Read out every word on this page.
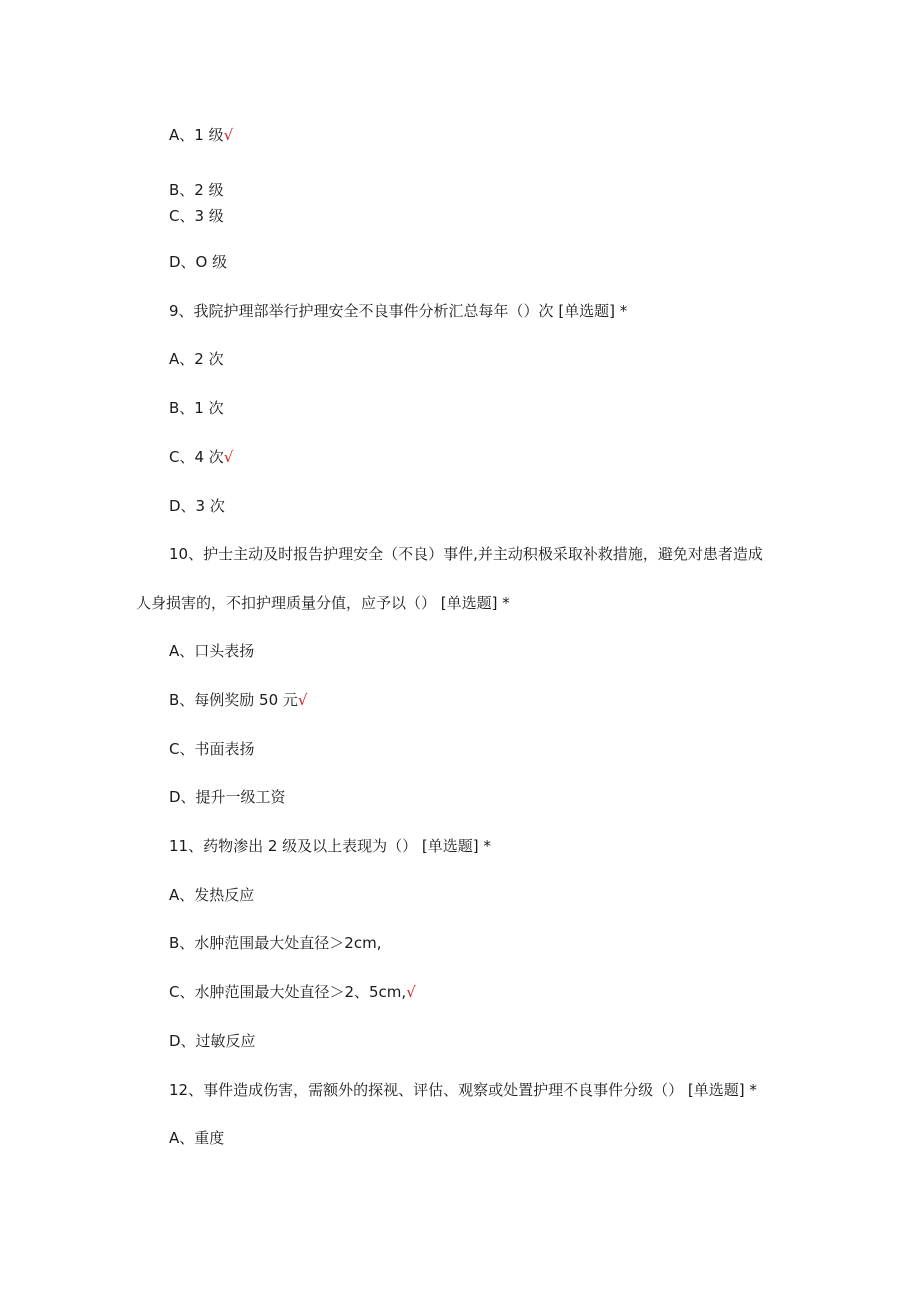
A、1 级√
B、2 级
C、3 级
D、O 级
9、我院护理部举行护理安全不良事件分析汇总每年（）次 [单选题] *
A、2 次
B、1 次
C、4 次√
D、3 次
10、护士主动及时报告护理安全（不良）事件,并主动积极采取补救措施，避免对患者造成
人身损害的，不扣护理质量分值，应予以（） [单选题] *
A、口头表扬
B、每例奖励 50 元√
C、书面表扬
D、提升一级工资
11、药物渗出 2 级及以上表现为（） [单选题] *
A、发热反应
B、水肿范围最大处直径＞2cm,
C、水肿范围最大处直径＞2、5cm,√
D、过敏反应
12、事件造成伤害，需额外的探视、评估、观察或处置护理不良事件分级（） [单选题] *
A、重度
